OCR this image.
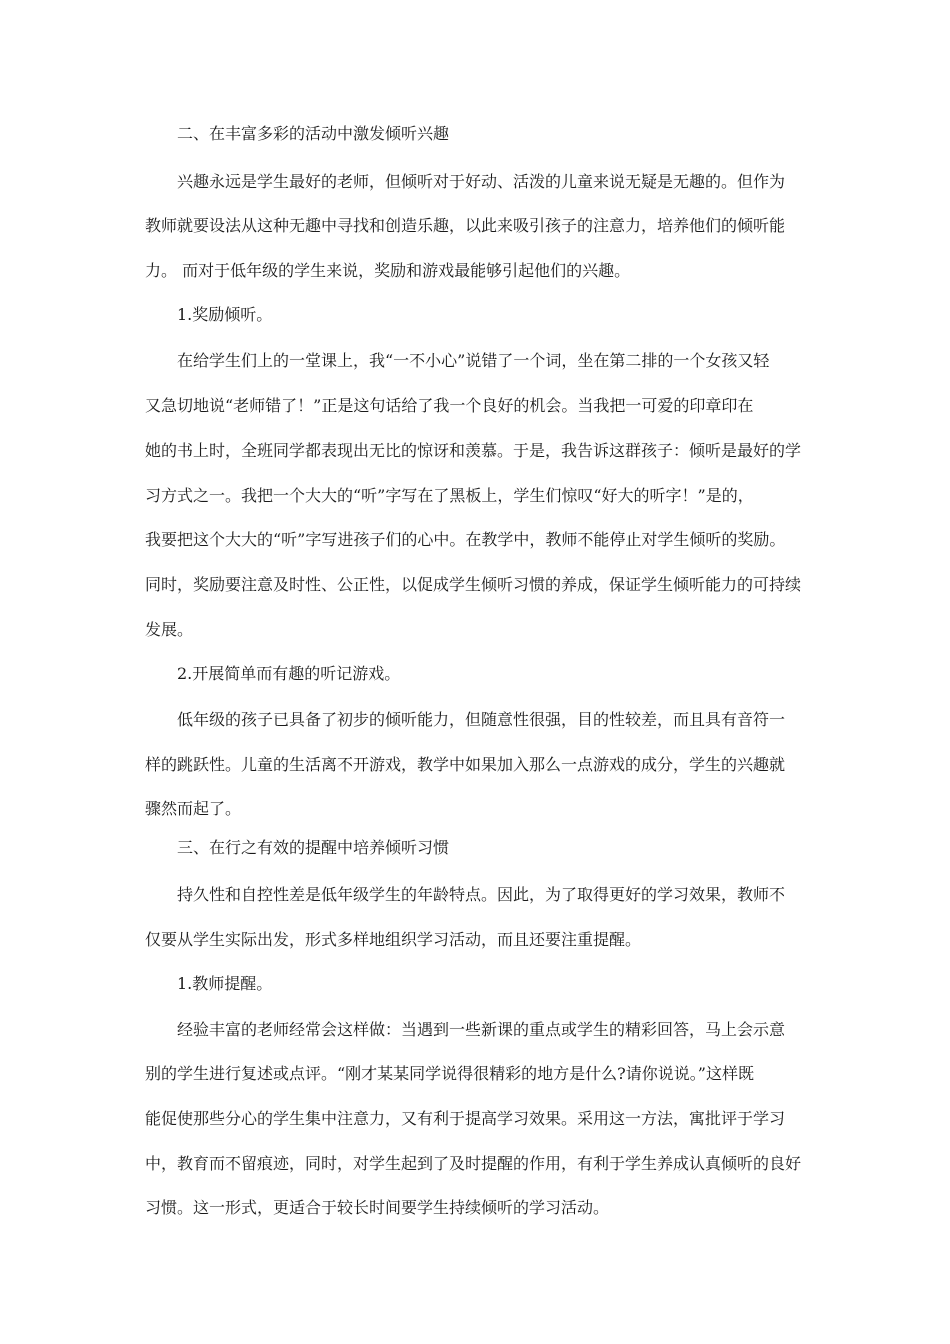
二、在丰富多彩的活动中激发倾听兴趣
兴趣永远是学生最好的老师，但倾听对于好动、活泼的儿童来说无疑是无趣的。但作为
教师就要设法从这种无趣中寻找和创造乐趣，以此来吸引孩子的注意力，培养他们的倾听能
力。 而对于低年级的学生来说，奖励和游戏最能够引起他们的兴趣。
1.奖励倾听。
在给学生们上的一堂课上，我“一不小心”说错了一个词，坐在第二排的一个女孩又轻
又急切地说“老师错了！”正是这句话给了我一个良好的机会。当我把一可爱的印章印在
她的书上时，全班同学都表现出无比的惊讶和羡慕。于是，我告诉这群孩子：倾听是最好的学
习方式之一。我把一个大大的“听”字写在了黑板上，学生们惊叹“好大的听字！”是的，
我要把这个大大的“听”字写进孩子们的心中。在教学中，教师不能停止对学生倾听的奖励。
同时，奖励要注意及时性、公正性，以促成学生倾听习惯的养成，保证学生倾听能力的可持续
发展。
2.开展简单而有趣的听记游戏。
低年级的孩子已具备了初步的倾听能力，但随意性很强，目的性较差，而且具有音符一
样的跳跃性。儿童的生活离不开游戏，教学中如果加入那么一点游戏的成分，学生的兴趣就
骤然而起了。
三、在行之有效的提醒中培养倾听习惯
持久性和自控性差是低年级学生的年龄特点。因此，为了取得更好的学习效果，教师不
仅要从学生实际出发，形式多样地组织学习活动，而且还要注重提醒。
1.教师提醒。
经验丰富的老师经常会这样做：当遇到一些新课的重点或学生的精彩回答，马上会示意
别的学生进行复述或点评。“刚才某某同学说得很精彩的地方是什么?请你说说。”这样既
能促使那些分心的学生集中注意力，又有利于提高学习效果。采用这一方法，寓批评于学习
中，教育而不留痕迹，同时，对学生起到了及时提醒的作用，有利于学生养成认真倾听的良好
习惯。这一形式，更适合于较长时间要学生持续倾听的学习活动。
